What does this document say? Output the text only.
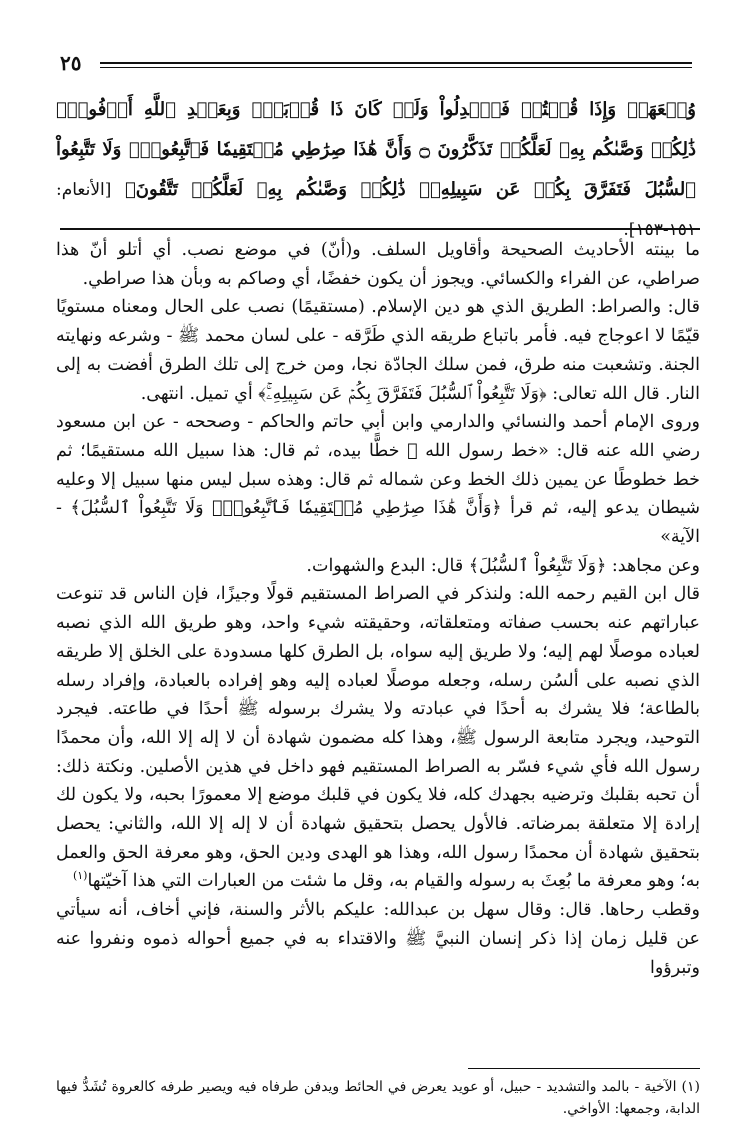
٢٥
وُسۡعَهَاۖ وَإِذَا قُلۡتُمۡ فَٱعۡدِلُواْ وَلَوۡ كَانَ ذَا قُرۡبَىٰۖ وَبِعَهۡدِ ٱللَّهِ أَوۡفُواْۚ ذَٰلِكُمۡ وَصَّىٰكُم بِهِۦ لَعَلَّكُمۡ تَذَكَّرُونَ ۝ وَأَنَّ هَٰذَا صِرَٰطِي مُسۡتَقِيمٗا فَٱتَّبِعُوهُۖ وَلَا تَتَّبِعُواْ ٱلسُّبُلَ فَتَفَرَّقَ بِكُمۡ عَن سَبِيلِهِۦۚ ذَٰلِكُمۡ وَصَّىٰكُم بِهِۦ لَعَلَّكُمۡ تَتَّقُونَ﴾ [الأنعام: ١٥١-١٥٣].

ما بينته الأحاديث الصحيحة وأقاويل السلف. و(أنّ) في موضع نصب. أي أتلو أنّ هذا صراطي، عن الفراء والكسائي. ويجوز أن يكون خفضًا، أي وصاكم به وبأن هذا صراطي.

قال: والصراط: الطريق الذي هو دين الإسلام. (مستقيمًا) نصب على الحال ومعناه مستويًا قيّمًا لا اعوجاج فيه. فأمر باتباع طريقه الذي طَرَّقه - على لسان محمد ﷺ - وشرعه ونهايته الجنة. وتشعبت منه طرق، فمن سلك الجادّة نجا، ومن خرج إلى تلك الطرق أفضت به إلى النار. قال الله تعالى: ﴿وَلَا تَتَّبِعُواْ ٱلسُّبُلَ فَتَفَرَّقَ بِكُمۡ عَن سَبِيلِهِۦۚ﴾ أي تميل. انتهى.

وروى الإمام أحمد والنسائي والدارمي وابن أبي حاتم والحاكم - وصححه - عن ابن مسعود رضي الله عنه قال: «خط رسول الله ﷺ خطًّا بيده، ثم قال: هذا سبيل الله مستقيمًا؛ ثم خط خطوطًا عن يمين ذلك الخط وعن شماله ثم قال: وهذه سبل ليس منها سبيل إلا وعليه شيطان يدعو إليه، ثم قرأ ﴿وَأَنَّ هَٰذَا صِرَٰطِي مُسۡتَقِيمٗا فَٱتَّبِعُوهُۖ وَلَا تَتَّبِعُواْ ٱلسُّبُلَ﴾ - الآية»

وعن مجاهد: ﴿وَلَا تَتَّبِعُواْ ٱلسُّبُلَ﴾ قال: البدع والشهوات.

قال ابن القيم رحمه الله: ولنذكر في الصراط المستقيم قولًا وجيزًا، فإن الناس قد تنوعت عباراتهم عنه بحسب صفاته ومتعلقاته، وحقيقته شيء واحد، وهو طريق الله الذي نصبه لعباده موصلًا لهم إليه؛ ولا طريق إليه سواه، بل الطرق كلها مسدودة على الخلق إلا طريقه الذي نصبه على ألسُن رسله، وجعله موصلًا لعباده إليه وهو إفراده بالعبادة، وإفراد رسله بالطاعة؛ فلا يشرك به أحدًا في عبادته ولا يشرك برسوله ﷺ أحدًا في طاعته. فيجرد التوحيد، ويجرد متابعة الرسول ﷺ، وهذا كله مضمون شهادة أن لا إله إلا الله، وأن محمدًا رسول الله فأي شيء فسّر به الصراط المستقيم فهو داخل في هذين الأصلين. ونكتة ذلك: أن تحبه بقلبك وترضيه بجهدك كله، فلا يكون في قلبك موضع إلا معمورًا بحبه، ولا يكون لك إرادة إلا متعلقة بمرضاته. فالأول يحصل بتحقيق شهادة أن لا إله إلا الله، والثاني: يحصل بتحقيق شهادة أن محمدًا رسول الله، وهذا هو الهدى ودين الحق، وهو معرفة الحق والعمل به؛ وهو معرفة ما بُعِثَ به رسوله والقيام به، وقل ما شئت من العبارات التي هذا آخيّتها$^{(١)}$

وقطب رحاها. قال: وقال سهل بن عبدالله: عليكم بالأثر والسنة، فإني أخاف، أنه سيأتي عن قليل زمان إذا ذكر إنسان النبيَّ ﷺ والاقتداء به في جميع أحواله ذموه ونفروا عنه وتبرؤوا

(١) الآخية - بالمد والتشديد - حبيل، أو عويد يعرض في الحائط ويدفن طرفاه فيه ويصير طرفه كالعروة تُشَدُّ فيها الدابة، وجمعها: الأواخي.
